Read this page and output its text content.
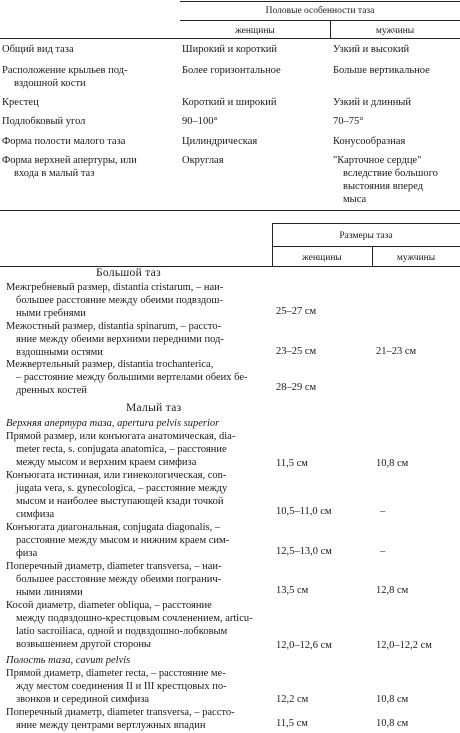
Половые особенности таза
женщины	мужчины
Общий вид таза	Широкий и короткий	Узкий и высокий
Расположение крыльев под-
вздошной кости
Более горизонтальное	Больше вертикальное
Крестец	Короткий и широкий	Узкий и длинный
Подлобковый угол	90–100°	70–75°
Форма полости малого таза	Цилиндрическая	Конусообразная
Форма верхней апертуры, или
входа в малый таз
Округлая	"Карточное сердце"
вследствие большого
выстояния вперед
мыса
Размеры таза
женщины	мужчины
Большой таз
Межгребневый размер, distantia cristarum, – наи-
большее расстояние между обеими подвздош-
ными гребнями	25–27 см
Межостный размер, distantia spinarum, – рассто-
яние между обеими верхними передними под-
вздошными остями	23–25 см	21–23 см
Межвертельный размер, distantia trochanterica,
– расстояние между большими вертелами обеих бе-
дренных костей	28–29 см
Малый таз
Верхняя апертура таза, apertura pelvis superior
Прямой размер, или конъюгата анатомическая, dia-
meter recta, s. conjugata anatomica, – расстояние
между мысом и верхним краем симфиза	11,5 см	10,8 см
Конъюгата истинная, или гинекологическая, con-
jugata vera, s. gynecologica, – расстояние между
мысом и наиболее выступающей кзади точкой
симфиза	10,5–11,0 см	–
Конъюгата диагональная, conjugata diagonalis, –
расстояние между мысом и нижним краем сим-
физа	12,5–13,0 см	–
Поперечный диаметр, diameter transversa, – наи-
большее расстояние между обеими погранич-
ными линиями	13,5 см	12,8 см
Косой диаметр, diameter obliqua, – расстояние
между подвздошно-крестцовым сочленением, articu-
latio sacroiliaca, одной и подвздошно-лобковым
возвышением другой стороны	12,0–12,6 см	12,0–12,2 см
Полость таза, cavum pelvis
Прямой диаметр, diameter recta, – расстояние ме-
жду местом соединения II и III крестцовых по-
звонков и серединой симфиза	12,2 см	10,8 см
Поперечный диаметр, diameter transversa, – рассто-
яние между центрами вертлужных впадин	11,5 см	10,8 см
